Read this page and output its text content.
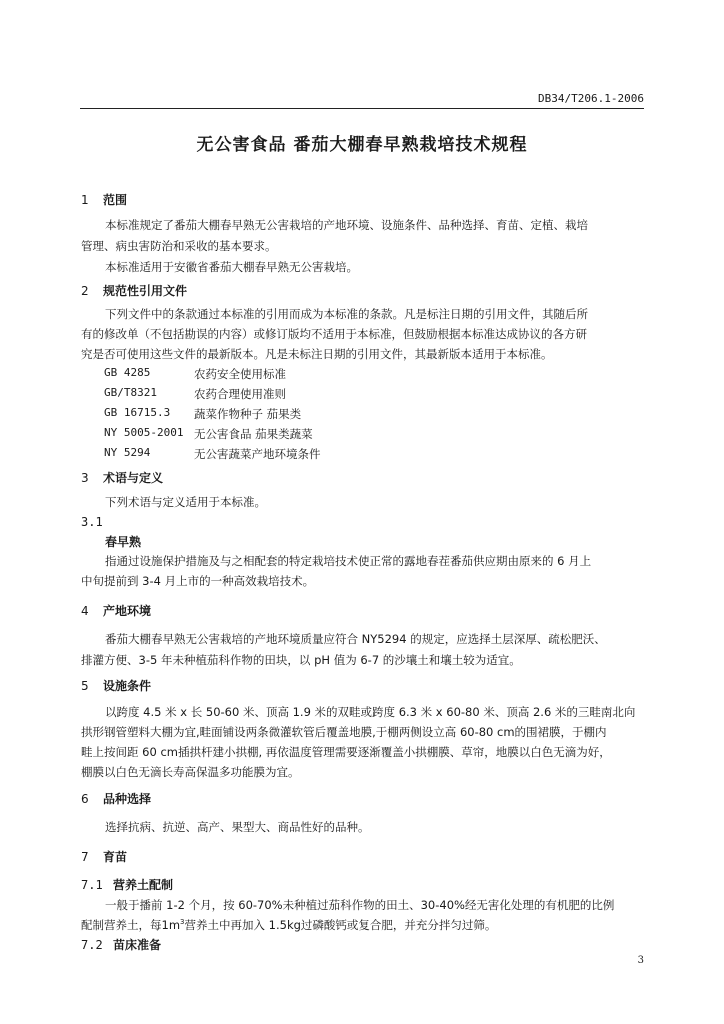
DB34/T206.1-2006
无公害食品 番茄大棚春早熟栽培技术规程
1 范围
本标准规定了番茄大棚春早熟无公害栽培的产地环境、设施条件、品种选择、育苗、定植、栽培
管理、病虫害防治和采收的基本要求。
本标准适用于安徽省番茄大棚春早熟无公害栽培。
2 规范性引用文件
下列文件中的条款通过本标准的引用而成为本标准的条款。凡是标注日期的引用文件，其随后所
有的修改单（不包括勘误的内容）或修订版均不适用于本标准，但鼓励根据本标准达成协议的各方研
究是否可使用这些文件的最新版本。凡是未标注日期的引用文件，其最新版本适用于本标准。
GB 4285	农药安全使用标准
GB/T8321	农药合理使用准则
GB 16715.3 蔬菜作物种子 茄果类
NY 5005-2001 无公害食品 茄果类蔬菜
NY 5294	无公害蔬菜产地环境条件
3 术语与定义
下列术语与定义适用于本标准。
3.1
春早熟
指通过设施保护措施及与之相配套的特定栽培技术使正常的露地春茬番茄供应期由原来的 6 月上
中旬提前到 3-4 月上市的一种高效栽培技术。
4 产地环境
番茄大棚春早熟无公害栽培的产地环境质量应符合 NY5294 的规定，应选择土层深厚、疏松肥沃、
排灌方便、3-5 年未种植茄科作物的田块，以 pH 值为 6-7 的沙壤土和壤土较为适宜。
5 设施条件
以跨度 4.5 米 x 长 50-60 米、顶高 1.9 米的双畦或跨度 6.3 米 x 60-80 米、顶高 2.6 米的三畦南北向
拱形钢管塑料大棚为宜,畦面铺设两条微灌软管后覆盖地膜,于棚两侧设立高 60-80 cm的围裙膜，于棚内
畦上按间距 60 cm插拱杆建小拱棚, 再依温度管理需要逐渐覆盖小拱棚膜、草帘，地膜以白色无滴为好，
棚膜以白色无滴长寿高保温多功能膜为宜。
6 品种选择
选择抗病、抗逆、高产、果型大、商品性好的品种。
7 育苗
7.1 营养土配制
一般于播前 1-2 个月，按 60-70%未种植过茄科作物的田土、30-40%经无害化处理的有机肥的比例
配制营养土，每$1m^3$营养土中再加入 1.5kg过磷酸钙或复合肥，并充分拌匀过筛。
7.2 苗床准备
3
